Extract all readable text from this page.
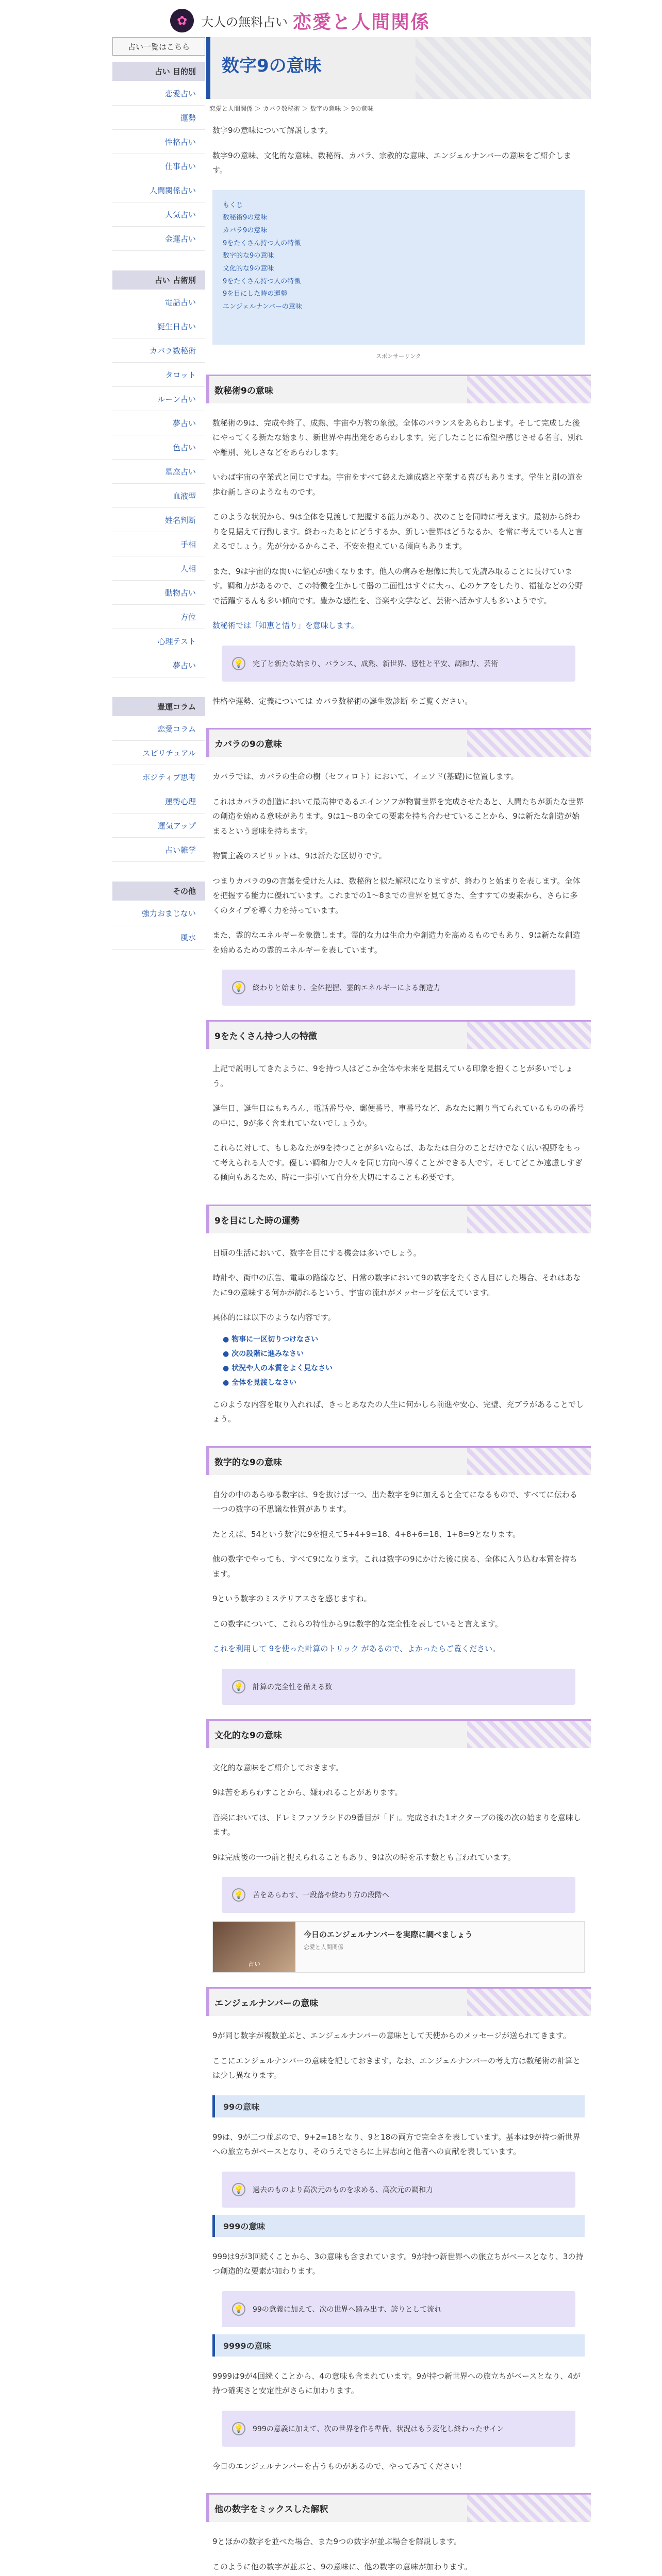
✿	大人の無料占い 恋愛と人間関係
占い一覧はこちら
占い 目的別
恋愛占い
運勢
性格占い
仕事占い
人間関係占い
人気占い
金運占い
占い 占術別
電話占い
誕生日占い
カバラ数秘術
タロット
ルーン占い
夢占い
色占い
星座占い
血液型
姓名判断
手相
人相
動物占い
方位
心理テスト
夢占い
豊運コラム
恋愛コラム
スピリチュアル
ポジティブ思考
運勢心理
運気アップ
占い雑学
その他
強力おまじない
風水
数字9の意味
恋愛と人間関係 ＞ カバラ数秘術 ＞ 数字の意味 ＞ 9の意味
数字9の意味について解説します。
数字9の意味、文化的な意味、数秘術、カバラ、宗教的な意味、エンジェルナンバーの意味をご紹介します。
もくじ
数秘術9の意味
カバラ9の意味
9をたくさん持つ人の特徴
数字的な9の意味
文化的な9の意味
9をたくさん持つ人の特徴
9を目にした時の運勢
エンジェルナンバーの意味
スポンサーリンク
数秘術9の意味
数秘術の9は、完成や終了、成熟、宇宙や万物の象徴。全体のバランスをあらわします。そして完成した後にやってくる新たな始まり、新世界や再出発をあらわします。完了したことに希望や感じさせる名言、別れや離別、死しさなどをあらわします。
いわば宇宙の卒業式と同じですね。宇宙をすべて終えた達成感と卒業する喜びもあります。学生と別の道を歩む新しさのようなものです。
このような状況から、9は全体を見渡して把握する能力があり、次のことを同時に考えます。最初から終わりを見据えて行動します。終わったあとにどうするか、新しい世界はどうなるか、を常に考えている人と言えるでしょう。先が分かるからこそ、不安を抱えている傾向もあります。
また、9は宇宙的な関いに悩心が強くなります。他人の痛みを想像に共して先読み取ることに長けています。調和力があるので、この特徴を生かして器の二面性はすぐに大っ、心のケアをしたり、福祉などの分野で活躍するんも多い傾向です。豊かな感性を、音楽や文学など、芸術へ活かす人も多いようです。
数秘術では「知恵と悟り」を意味します。
💡 完了と新たな始まり、バランス、成熟、新世界、感性と平安、調和力、芸術
性格や運勢、定義については カバラ数秘術の誕生数診断 をご覧ください。
カバラの9の意味
カバラでは、カバラの生命の樹（セフィロト）において、イェソド(基礎)に位置します。
これはカバラの創造において最高神であるエインソフが物質世界を完成させたあと、人間たちが新たな世界の創造を始める意味があります。9は1〜8の全ての要素を持ち合わせていることから、9は新たな創造が始まるという意味を持ちます。
物質主義のスピリットは、9は新たな区切りです。
つまりカバラの9の言葉を受けた人は、数秘術と似た解釈になりますが、終わりと始まりを表します。全体を把握する能力に優れています。これまでの1〜8までの世界を見てきた、全すすての要素から、さらに多くのタイプを導く力を持っています。
また、霊的なエネルギーを象徴します。霊的な力は生命力や創造力を高めるものでもあり、9は新たな創造を始めるための霊的エネルギーを表しています。
💡 終わりと始まり、全体把握、霊的エネルギーによる創造力
9をたくさん持つ人の特徴
上記で説明してきたように、9を持つ人はどこか全体や未来を見据えている印象を抱くことが多いでしょう。
誕生日、誕生日はもちろん、電話番号や、郵便番号、車番号など、あなたに割り当てられているものの番号の中に、9が多く含まれていないでしょうか。
これらに対して、もしあなたが9を持つことが多いならば、あなたは自分のことだけでなく広い視野をもって考えられる人です。優しい調和力で人々を同じ方向へ導くことができる人です。そしてどこか遠慮しすぎる傾向もあるため、時に一歩引いて自分を大切にすることも必要です。
9を目にした時の運勢
日頃の生活において、数字を目にする機会は多いでしょう。
時計や、街中の広告、電車の路線など、日常の数字において9の数字をたくさん目にした場合、それはあなたに9の意味する何かが訪れるという、宇宙の流れがメッセージを伝えています。
具体的には以下のような内容です。
● 物事に一区切りつけなさい
● 次の段階に進みなさい
● 状況や人の本質をよく見なさい
● 全体を見渡しなさい
このような内容を取り入れれば、きっとあなたの人生に何かしら前進や安心、完璧、充ブラがあることでしょう。
数字的な9の意味
自分の中のあらゆる数字は、9を抜けば一つ、出た数字を9に加えると全てになるもので、すべてに伝わる一つの数字の不思議な性質があります。
たとえば、54という数字に9を抱えて5+4+9=18、4+8+6=18、1+8=9となります。
他の数字でやっても、すべて9になります。これは数字の9にかけた後に戻る、全体に入り込む本質を持ちます。
9という数字のミステリアスさを感じますね。
この数字について、これらの特性から9は数字的な完全性を表していると言えます。
これを利用して 9を使った計算のトリック があるので、よかったらご覧ください。
💡 計算の完全性を備える数
文化的な9の意味
文化的な意味をご紹介しておきます。
9は苦をあらわすことから、嫌われることがあります。
音楽においては、ドレミファソラシドの9番目が「ド」。完成された1オクターブの後の次の始まりを意味します。
9は完成後の一つ前と捉えられることもあり、9は次の時を示す数とも言われています。
💡 苦をあらわす、一段落や終わり方の段階へ
占い
今日のエンジェルナンバーを実際に調べましょう
恋愛と人間関係
エンジェルナンバーの意味
9が同じ数字が複数並ぶと、エンジェルナンバーの意味として天使からのメッセージが送られてきます。
ここにエンジェルナンバーの意味を記しておきます。なお、エンジェルナンバーの考え方は数秘術の計算とは少し異なります。
99の意味
99は、9が二つ並ぶので、9+2=18となり、9と18の両方で完全さを表しています。基本は9が持つ新世界への旅立ちがベースとなり、そのうえでさらに上昇志向と他者への貢献を表しています。
💡 過去のものより高次元のものを求める、高次元の調和力
999の意味
999は9が3回続くことから、3の意味も含まれています。9が持つ新世界への旅立ちがベースとなり、3の持つ創造的な要素が加わります。
💡 99の意義に加えて、次の世界へ踏み出す、誇りとして流れ
9999の意味
9999は9が4回続くことから、4の意味も含まれています。9が持つ新世界への旅立ちがベースとなり、4が持つ確実さと安定性がさらに加わります。
💡 999の意義に加えて、次の世界を作る準備、状況はもう変化し終わったサイン
今日のエンジェルナンバーを占うものがあるので、やってみてください！
他の数字をミックスした解釈
9とほかの数字を並べた場合、また9つの数字が並ぶ場合を解説します。
このように他の数字が並ぶと、9の意味に、他の数字の意味が加わります。
